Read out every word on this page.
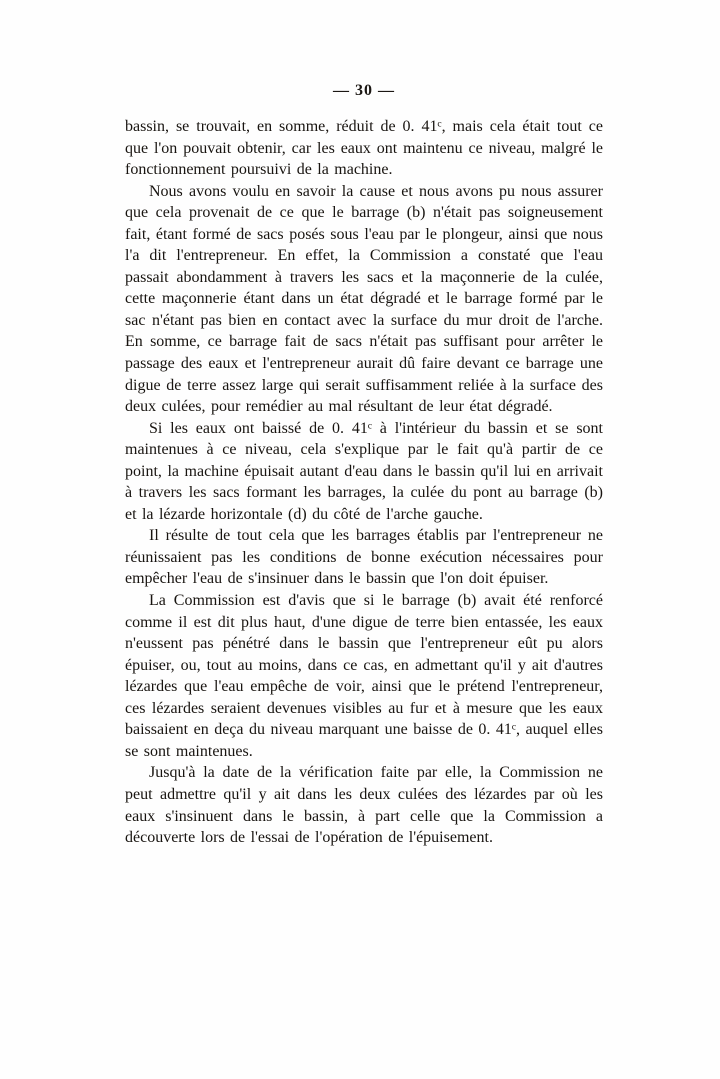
— 30 —

bassin, se trouvait, en somme, réduit de 0. 41ᶜ, mais cela était tout ce que l'on pouvait obtenir, car les eaux ont maintenu ce niveau, malgré le fonctionnement poursuivi de la machine.

Nous avons voulu en savoir la cause et nous avons pu nous assurer que cela provenait de ce que le barrage (b) n'était pas soigneusement fait, étant formé de sacs posés sous l'eau par le plongeur, ainsi que nous l'a dit l'entrepreneur. En effet, la Commission a constaté que l'eau passait abondamment à travers les sacs et la maçonnerie de la culée, cette maçonnerie étant dans un état dégradé et le barrage formé par le sac n'étant pas bien en contact avec la surface du mur droit de l'arche. En somme, ce barrage fait de sacs n'était pas suffisant pour arrêter le passage des eaux et l'entrepreneur aurait dû faire devant ce barrage une digue de terre assez large qui serait suffisamment reliée à la surface des deux culées, pour remédier au mal résultant de leur état dégradé.

Si les eaux ont baissé de 0. 41ᶜ à l'intérieur du bassin et se sont maintenues à ce niveau, cela s'explique par le fait qu'à partir de ce point, la machine épuisait autant d'eau dans le bassin qu'il lui en arrivait à travers les sacs formant les barrages, la culée du pont au barrage (b) et la lézarde horizontale (d) du côté de l'arche gauche.

Il résulte de tout cela que les barrages établis par l'entrepreneur ne réunissaient pas les conditions de bonne exécution nécessaires pour empêcher l'eau de s'insinuer dans le bassin que l'on doit épuiser.

La Commission est d'avis que si le barrage (b) avait été renforcé comme il est dit plus haut, d'une digue de terre bien entassée, les eaux n'eussent pas pénétré dans le bassin que l'entrepreneur eût pu alors épuiser, ou, tout au moins, dans ce cas, en admettant qu'il y ait d'autres lézardes que l'eau empêche de voir, ainsi que le prétend l'entrepreneur, ces lézardes seraient devenues visibles au fur et à mesure que les eaux baissaient en deça du niveau marquant une baisse de 0. 41ᶜ, auquel elles se sont maintenues.

Jusqu'à la date de la vérification faite par elle, la Commission ne peut admettre qu'il y ait dans les deux culées des lézardes par où les eaux s'insinuent dans le bassin, à part celle que la Commission a découverte lors de l'essai de l'opération de l'épuisement.
